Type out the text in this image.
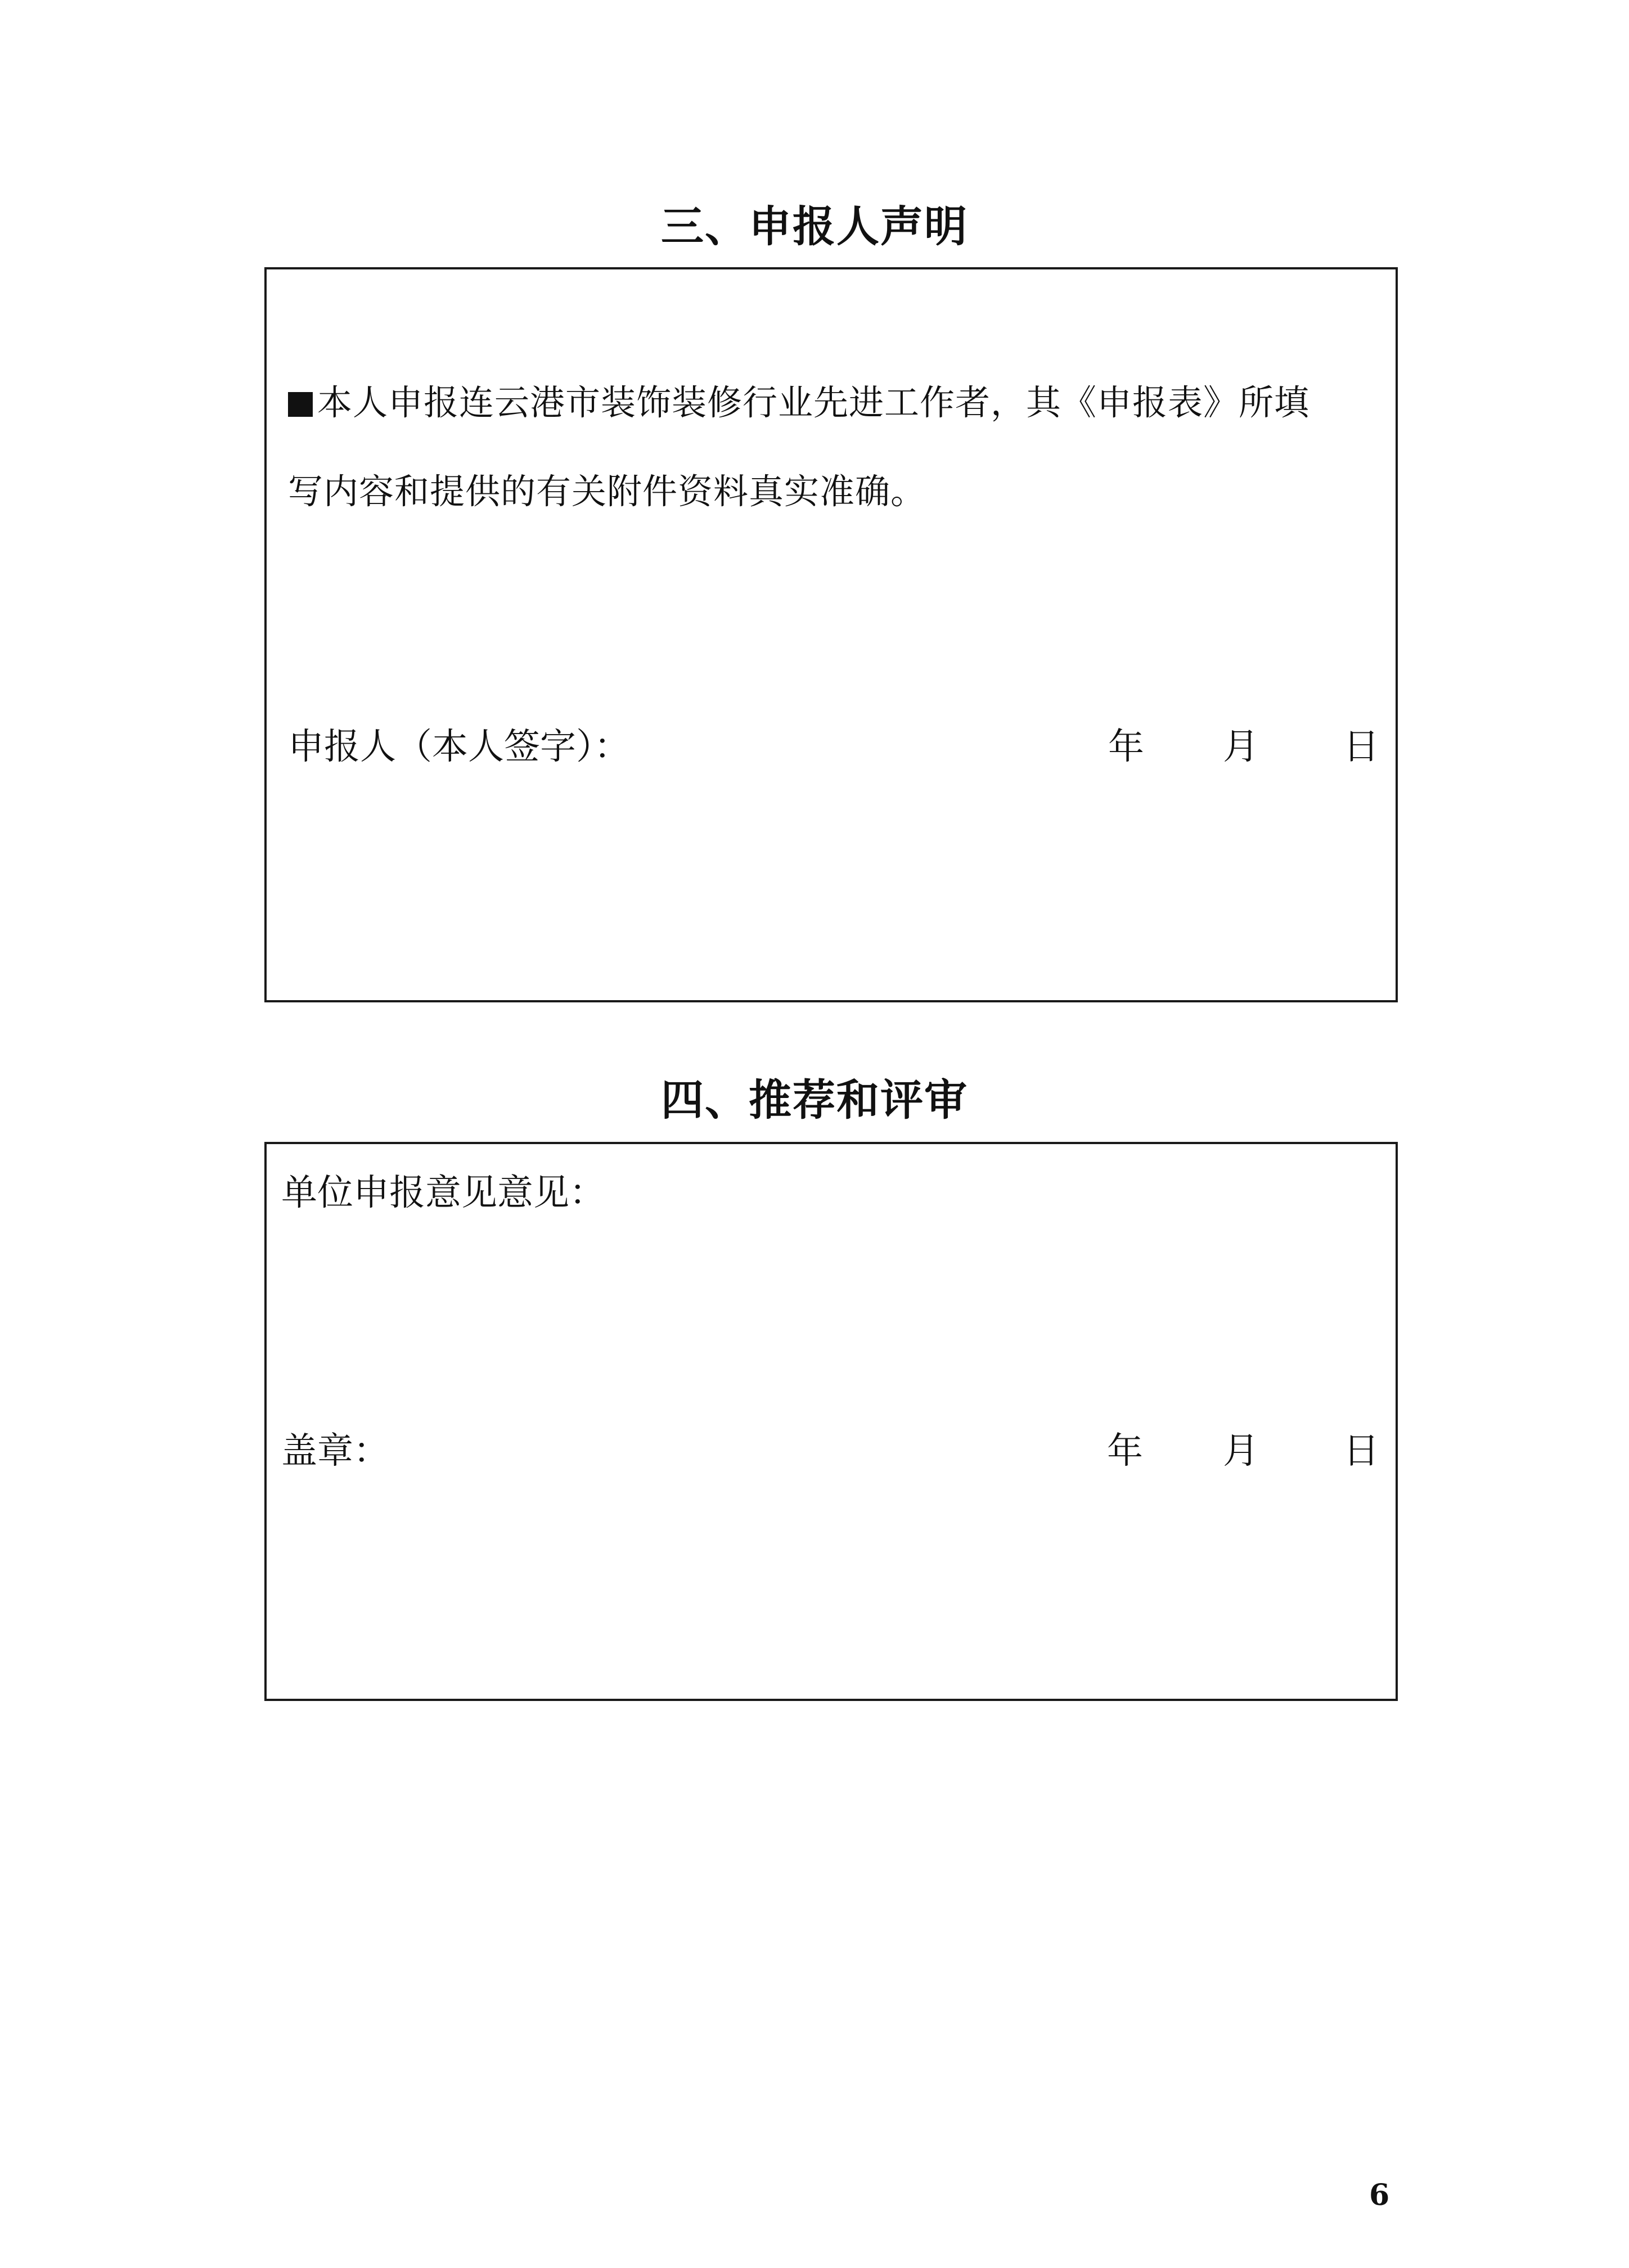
三、申报人声明
本人申报连云港市装饰装修行业先进工作者，其《申报表》所填
写内容和提供的有关附件资料真实准确。
申报人（本人签字）：	年 月 日
四、推荐和评审
单位申报意见意见：
盖章：	年 月 日
6
